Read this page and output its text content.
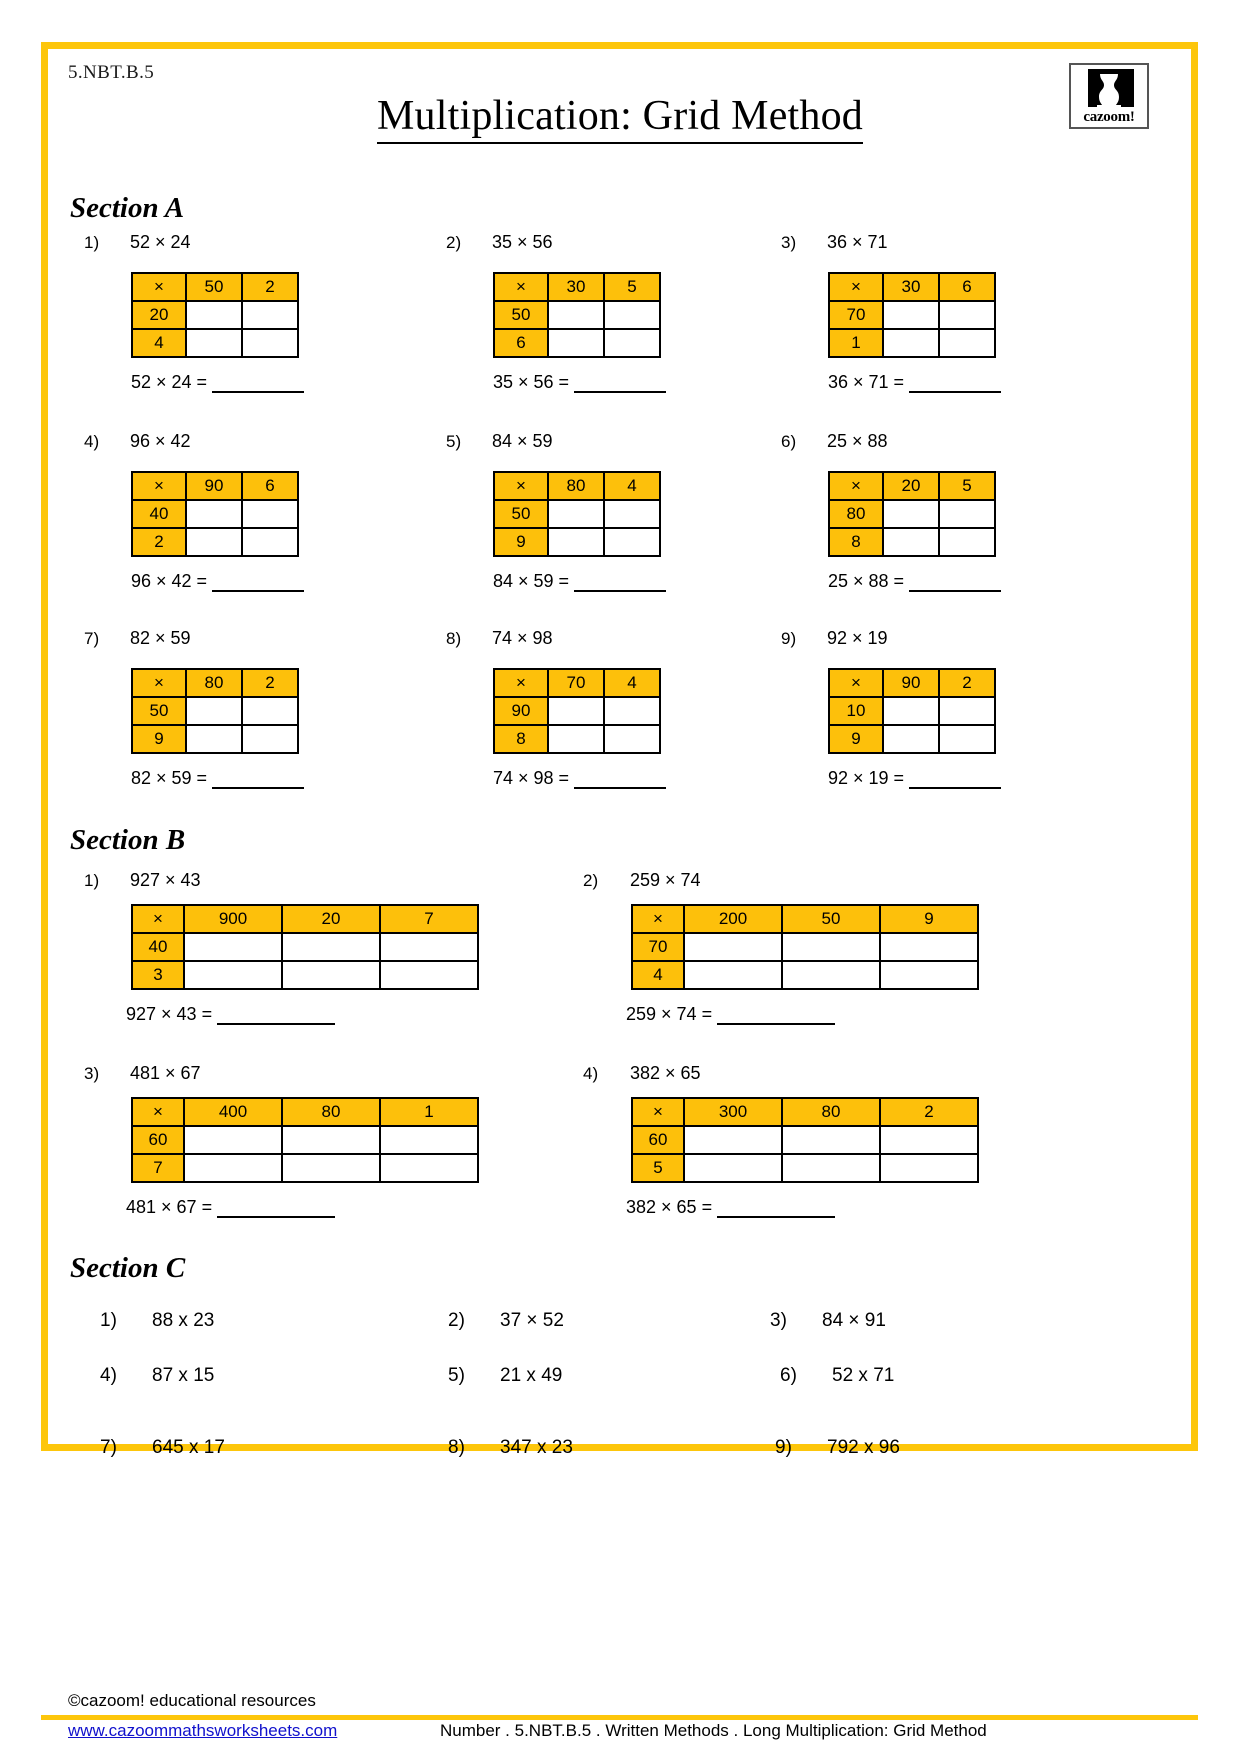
5.NBT.B.5
Multiplication: Grid Method	cazoom!
Section A
1) 52 × 24
×	50	2
20		
4		
52 × 24 =
2) 35 × 56
×	30	5
50		
6		
35 × 56 =
3) 36 × 71
×	30	6
70		
1		
36 × 71 =
4) 96 × 42
×	90	6
40		
2		
96 × 42 =
5) 84 × 59
×	80	4
50		
9		
84 × 59 =
6) 25 × 88
×	20	5
80		
8		
25 × 88 =
7) 82 × 59
×	80	2
50		
9		
82 × 59 =
8) 74 × 98
×	70	4
90		
8		
74 × 98 =
9) 92 × 19
×	90	2
10		
9		
92 × 19 =
Section B
1) 927 × 43
×	900	20	7
40			
3			
927 × 43 =
2) 259 × 74
×	200	50	9
70			
4			
259 × 74 =
3) 481 × 67
×	400	80	1
60			
7			
481 × 67 =
4) 382 × 65
×	300	80	2
60			
5			
382 × 65 =
Section C
1) 88 x 23	2) 37 × 52	3) 84 × 91
4) 87 x 15	5) 21 x 49	6) 52 x 71
7) 645 x 17	8) 347 x 23	9) 792 x 96
©cazoom! educational resources
www.cazoommathsworksheets.com	Number . 5.NBT.B.5 . Written Methods . Long Multiplication: Grid Method
